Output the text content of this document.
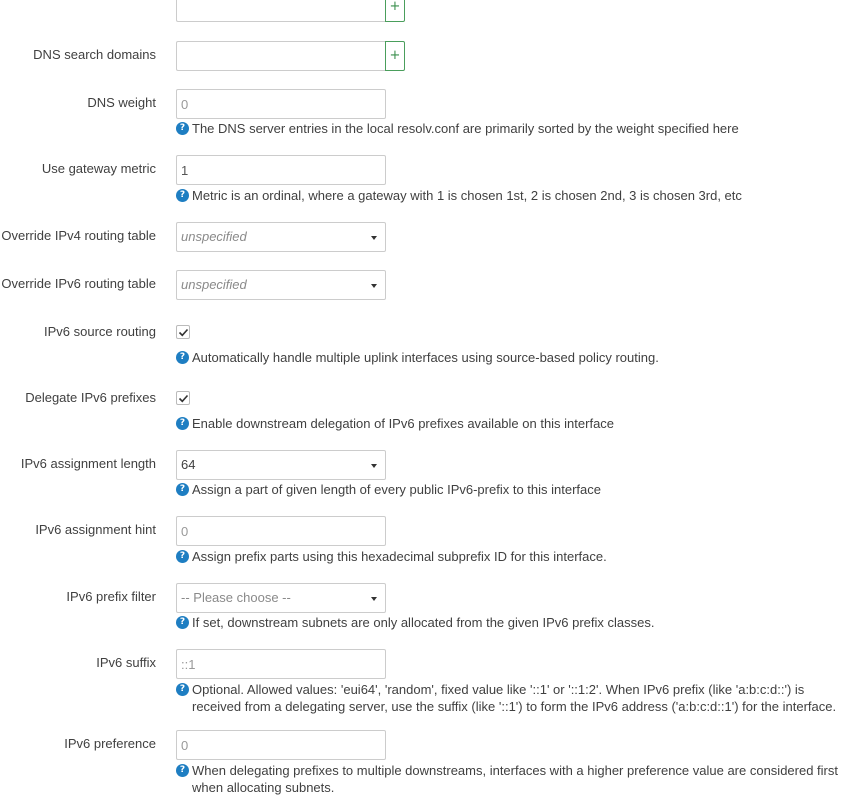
+
DNS search domains	+
DNS weight
0
? The DNS server entries in the local resolv.conf are primarily sorted by the weight specified here
Use gateway metric
1
? Metric is an ordinal, where a gateway with 1 is chosen 1st, 2 is chosen 2nd, 3 is chosen 3rd, etc
Override IPv4 routing table unspecified
Override IPv6 routing table unspecified
IPv6 source routing
? Automatically handle multiple uplink interfaces using source-based policy routing.
Delegate IPv6 prefixes
? Enable downstream delegation of IPv6 prefixes available on this interface
IPv6 assignment length 64
? Assign a part of given length of every public IPv6-prefix to this interface
IPv6 assignment hint
0
? Assign prefix parts using this hexadecimal subprefix ID for this interface.
IPv6 prefix filter -- Please choose --
? If set, downstream subnets are only allocated from the given IPv6 prefix classes.
IPv6 suffix
::1
? Optional. Allowed values: 'eui64', 'random', fixed value like '::1' or '::1:2'. When IPv6 prefix (like 'a:b:c:d::') is received from a delegating server, use the suffix (like '::1') to form the IPv6 address ('a:b:c:d::1') for the interface.
IPv6 preference
0
? When delegating prefixes to multiple downstreams, interfaces with a higher preference value are considered first when allocating subnets.
